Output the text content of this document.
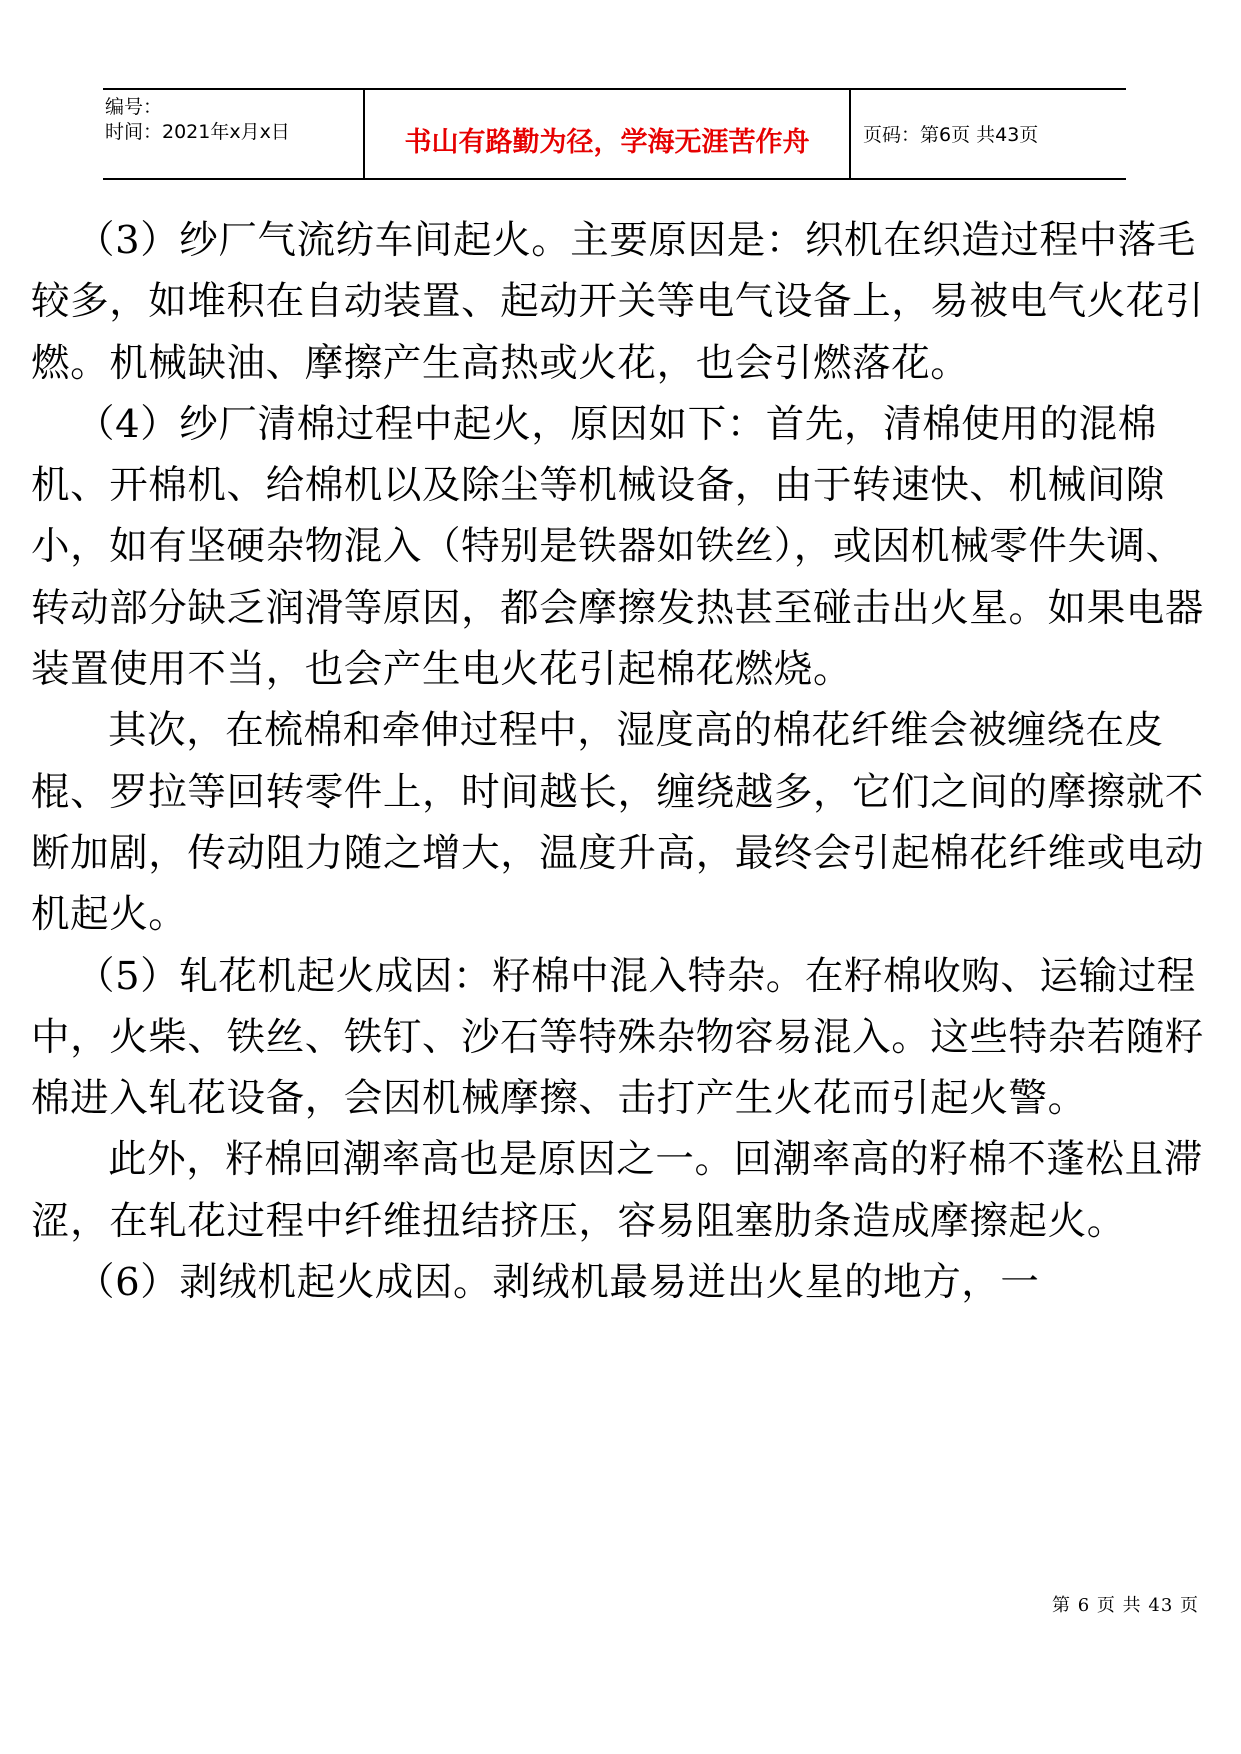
编号：
时间：2021年x月x日	书山有路勤为径，学海无涯苦作舟	页码：第6页 共43页

（3）纱厂气流纺车间起火。主要原因是：织机在织造过程中落毛较多，如堆积在自动装置、起动开关等电气设备上，易被电气火花引燃。机械缺油、摩擦产生高热或火花，也会引燃落花。

（4）纱厂清棉过程中起火，原因如下：首先，清棉使用的混棉机、开棉机、给棉机以及除尘等机械设备，由于转速快、机械间隙小，如有坚硬杂物混入（特别是铁器如铁丝），或因机械零件失调、转动部分缺乏润滑等原因，都会摩擦发热甚至碰击出火星。如果电器装置使用不当，也会产生电火花引起棉花燃烧。

其次，在梳棉和牵伸过程中，湿度高的棉花纤维会被缠绕在皮棍、罗拉等回转零件上，时间越长，缠绕越多，它们之间的摩擦就不断加剧，传动阻力随之增大，温度升高，最终会引起棉花纤维或电动机起火。

（5）轧花机起火成因：籽棉中混入特杂。在籽棉收购、运输过程中，火柴、铁丝、铁钉、沙石等特殊杂物容易混入。这些特杂若随籽棉进入轧花设备，会因机械摩擦、击打产生火花而引起火警。

此外，籽棉回潮率高也是原因之一。回潮率高的籽棉不蓬松且滞涩，在轧花过程中纤维扭结挤压，容易阻塞肋条造成摩擦起火。

（6）剥绒机起火成因。剥绒机最易迸出火星的地方，一

第 6 页 共 43 页
